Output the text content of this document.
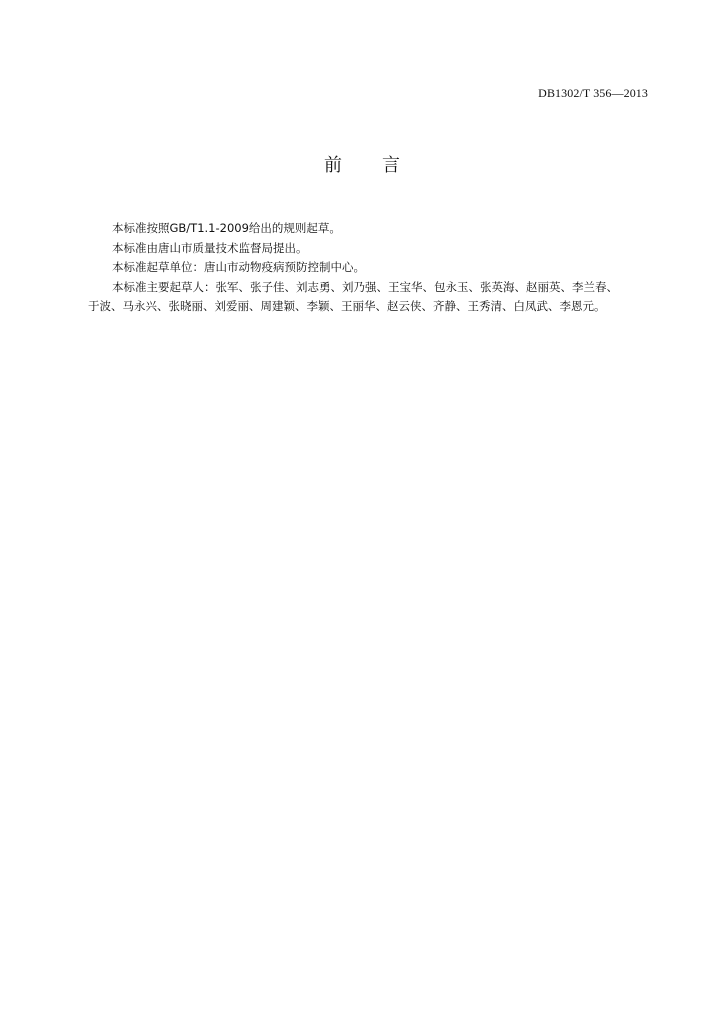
DB1302/T 356—2013
前 言

本标准按照GB/T1.1-2009给出的规则起草。

本标准由唐山市质量技术监督局提出。

本标准起草单位：唐山市动物疫病预防控制中心。

本标准主要起草人：张军、张子佳、刘志勇、刘乃强、王宝华、包永玉、张英海、赵丽英、李兰春、
于波、马永兴、张晓丽、刘爱丽、周建颖、李颖、王丽华、赵云侠、齐静、王秀清、白凤武、李恩元。
